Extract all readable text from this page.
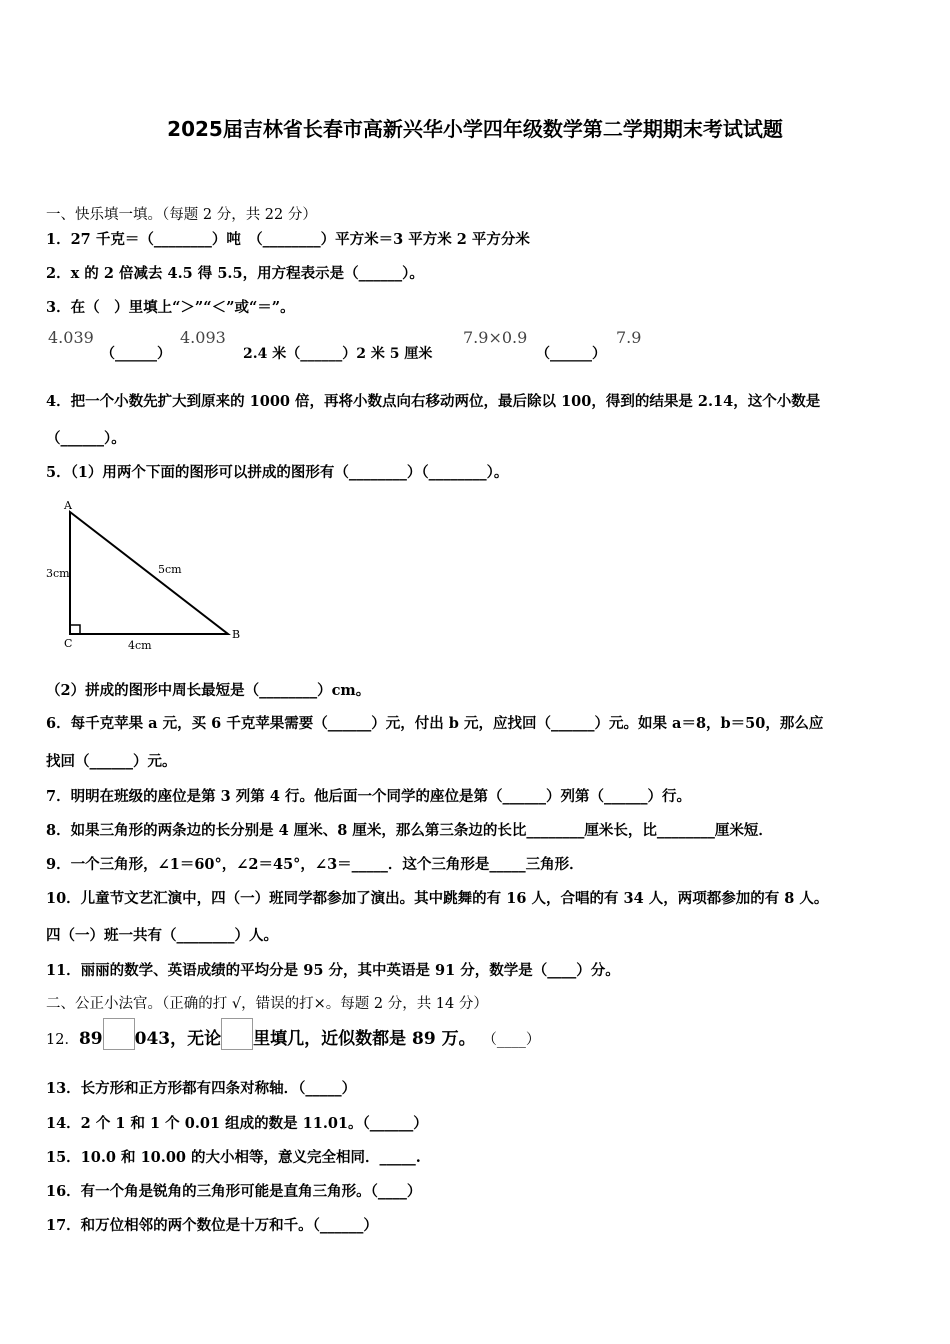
2025届吉林省长春市高新兴华小学四年级数学第二学期期末考试试题
一、快乐填一填。（每题 2 分，共 22 分）
1．27 千克＝（________）吨　（________）平方米＝3 平方米 2 平方分米
2．x 的 2 倍减去 4.5 得 5.5，用方程表示是（______）。
3．在（　）里填上“＞”“＜”或“＝”。
4.039
（______）
4.093
2.4 米（______）2 米 5 厘米
7.9×0.9
（______）
7.9
4．把一个小数先扩大到原来的 1000 倍，再将小数点向右移动两位，最后除以 100，得到的结果是 2.14，这个小数是
（______）。
5．（1）用两个下面的图形可以拼成的图形有（________）（________）。
A
B
C
3cm	5cm
4cm
（2）拼成的图形中周长最短是（________）cm。
6．每千克苹果 a 元，买 6 千克苹果需要（______）元，付出 b 元，应找回（______）元。如果 a＝8，b＝50，那么应
找回（______）元。
7．明明在班级的座位是第 3 列第 4 行。他后面一个同学的座位是第（______）列第（______）行。
8．如果三角形的两条边的长分别是 4 厘米、8 厘米，那么第三条边的长比________厘米长，比________厘米短．
9．一个三角形，∠1＝60°，∠2＝45°，∠3＝_____．这个三角形是_____三角形．
10．儿童节文艺汇演中，四（一）班同学都参加了演出。其中跳舞的有 16 人，合唱的有 34 人，两项都参加的有 8 人。
四（一）班一共有（________）人。
11．丽丽的数学、英语成绩的平均分是 95 分，其中英语是 91 分，数学是（____）分。
二、公正小法官。（正确的打 √，错误的打×。每题 2 分，共 14 分）
12．89 043，无论 里填几，近似数都是 89 万。 （____）
13．长方形和正方形都有四条对称轴．（_____）
14．2 个 1 和 1 个 0.01 组成的数是 11.01。（______）
15．10.0 和 10.00 的大小相等，意义完全相同．_____.
16．有一个角是锐角的三角形可能是直角三角形。（____）
17．和万位相邻的两个数位是十万和千。（______）
